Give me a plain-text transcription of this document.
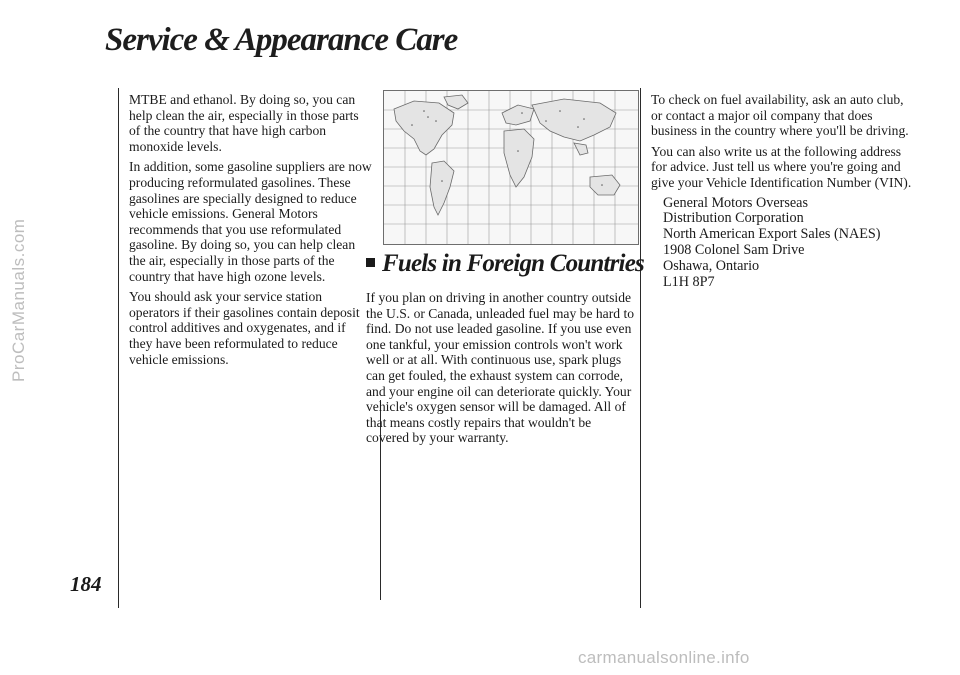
ProCarManuals.com
carmanualsonline.info
Service & Appearance Care

MTBE and ethanol. By doing so, you can help clean the air, especially in those parts of the country that have high carbon monoxide levels.

In addition, some gasoline suppliers are now producing reformulated gasolines. These gasolines are specially designed to reduce vehicle emissions. General Motors recommends that you use reformulated gasoline. By doing so, you can help clean the air, especially in those parts of the country that have high ozone levels.

You should ask your service station operators if their gasolines contain deposit control additives and oxygenates, and if they have been reformulated to reduce vehicle emissions.

Fuels in Foreign Countries

If you plan on driving in another country outside the U.S. or Canada, unleaded fuel may be hard to find. Do not use leaded gasoline. If you use even one tankful, your emission controls won't work well or at all. With continuous use, spark plugs can get fouled, the exhaust system can corrode, and your engine oil can deteriorate quickly. Your vehicle's oxygen sensor will be damaged. All of that means costly repairs that wouldn't be covered by your warranty.

To check on fuel availability, ask an auto club, or contact a major oil company that does business in the country where you'll be driving.

You can also write us at the following address for advice. Just tell us where you're going and give your Vehicle Identification Number (VIN).

General Motors Overseas
Distribution Corporation
North American Export Sales (NAES)
1908 Colonel Sam Drive
Oshawa, Ontario
L1H 8P7
184
